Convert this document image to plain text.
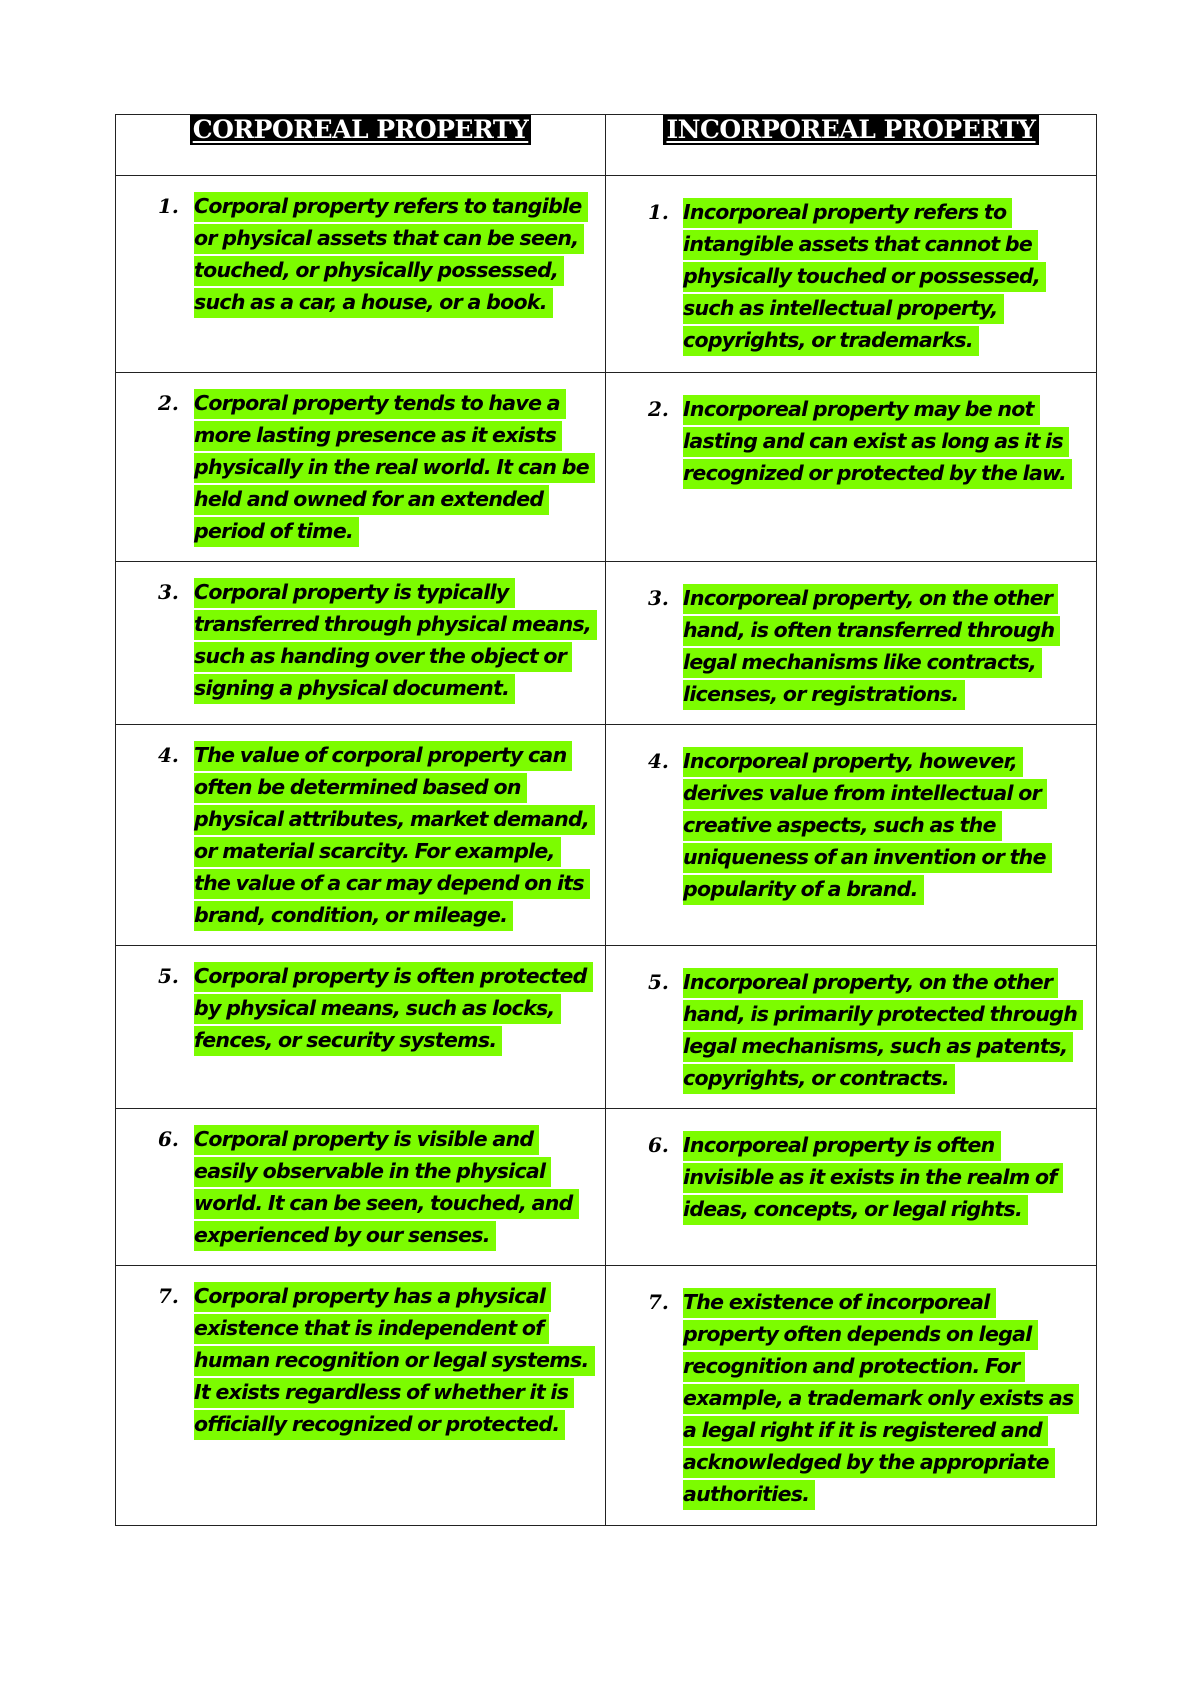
CORPOREAL PROPERTY	INCORPOREAL PROPERTY

1. Corporal property refers to tangible or physical assets that can be seen, touched, or physically possessed, such as a car, a house, or a book.	1. Incorporeal property refers to intangible assets that cannot be physically touched or possessed, such as intellectual property, copyrights, or trademarks.

2. Corporal property tends to have a more lasting presence as it exists physically in the real world. It can be held and owned for an extended period of time.	2. Incorporeal property may be not lasting and can exist as long as it is recognized or protected by the law.

3. Corporal property is typically transferred through physical means, such as handing over the object or signing a physical document.	3. Incorporeal property, on the other hand, is often transferred through legal mechanisms like contracts, licenses, or registrations.

4. The value of corporal property can often be determined based on physical attributes, market demand, or material scarcity. For example, the value of a car may depend on its brand, condition, or mileage.	4. Incorporeal property, however, derives value from intellectual or creative aspects, such as the uniqueness of an invention or the popularity of a brand.

5. Corporal property is often protected by physical means, such as locks, fences, or security systems.	5. Incorporeal property, on the other hand, is primarily protected through legal mechanisms, such as patents, copyrights, or contracts.

6. Corporal property is visible and easily observable in the physical world. It can be seen, touched, and experienced by our senses.	6. Incorporeal property is often invisible as it exists in the realm of ideas, concepts, or legal rights.

7. Corporal property has a physical existence that is independent of human recognition or legal systems. It exists regardless of whether it is officially recognized or protected.	7. The existence of incorporeal property often depends on legal recognition and protection. For example, a trademark only exists as a legal right if it is registered and acknowledged by the appropriate authorities.
